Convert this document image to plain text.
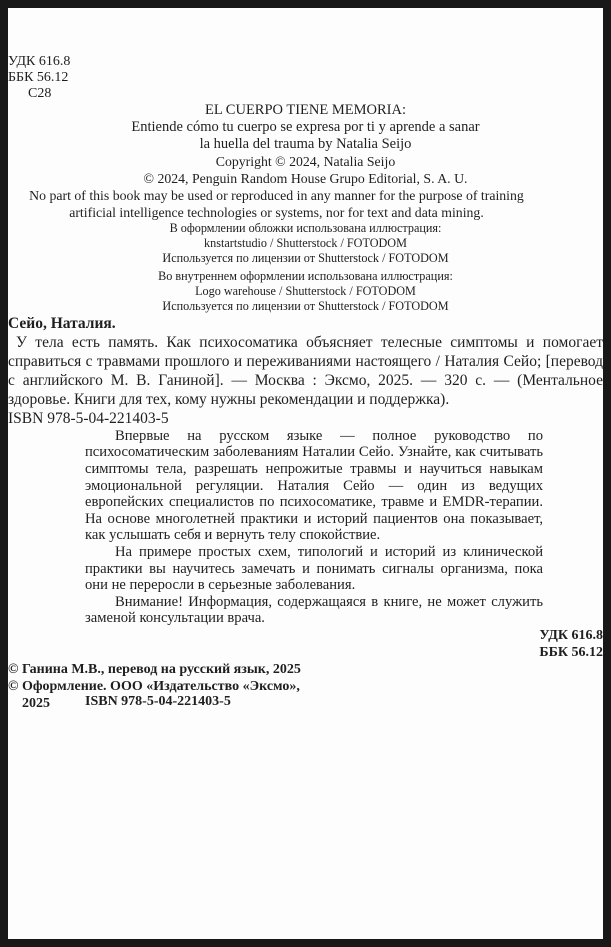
УДК 616.8
ББК 56.12
С28
EL CUERPO TIENE MEMORIA:
Entiende cómo tu cuerpo se expresa por ti y aprende a sanar
la huella del trauma by Natalia Seijo
Copyright © 2024, Natalia Seijo
© 2024, Penguin Random House Grupo Editorial, S. A. U.

No part of this book may be used or reproduced in any manner for the purpose of training artificial intelligence technologies or systems, nor for text and data mining.

В оформлении обложки использована иллюстрация:
knstartstudio / Shutterstock / FOTODOM
Используется по лицензии от Shutterstock / FOTODOM
Во внутреннем оформлении использована иллюстрация:
Logo warehouse / Shutterstock / FOTODOM
Используется по лицензии от Shutterstock / FOTODOM
Сейо, Наталия.

У тела есть память. Как психосоматика объясняет телесные симптомы и помогает справиться с травмами прошлого и переживаниями настоящего / Наталия Сейо; [перевод с английского М. В. Ганиной]. — Москва : Эксмо, 2025. — 320 с. — (Ментальное здоровье. Книги для тех, кому нужны рекомендации и поддержка).

ISBN 978-5-04-221403-5

Впервые на русском языке — полное руководство по психосоматическим заболеваниям Наталии Сейо. Узнайте, как считывать симптомы тела, разрешать непрожитые травмы и научиться навыкам эмоциональной регуляции. Наталия Сейо — один из ведущих европейских специалистов по психосоматике, травме и EMDR-терапии. На основе многолетней практики и историй пациентов она показывает, как услышать себя и вернуть телу спокойствие.

На примере простых схем, типологий и историй из клинической практики вы научитесь замечать и понимать сигналы организма, пока они не переросли в серьезные заболевания.

Внимание! Информация, содержащаяся в книге, не может служить заменой консультации врача.

УДК 616.8
ББК 56.12
ISBN 978-5-04-221403-5
© Ганина М.В., перевод на русский язык, 2025
© Оформление. ООО «Издательство «Эксмо», 2025
